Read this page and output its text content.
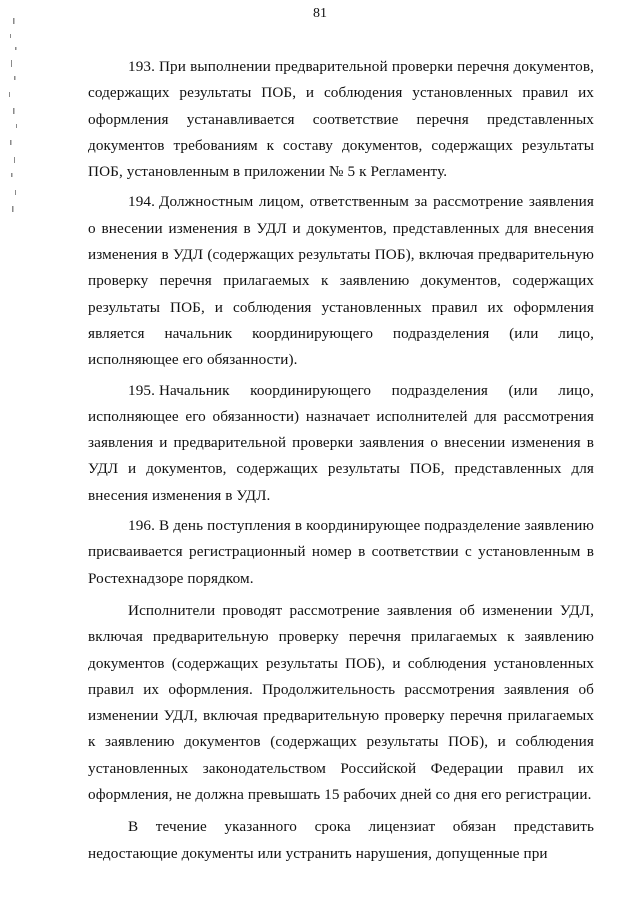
81

193. При выполнении предварительной проверки перечня документов, содержащих результаты ПОБ, и соблюдения установленных правил их оформления устанавливается соответствие перечня представленных документов требованиям к составу документов, содержащих результаты ПОБ, установленным в приложении № 5 к Регламенту.

194. Должностным лицом, ответственным за рассмотрение заявления о внесении изменения в УДЛ и документов, представленных для внесения изменения в УДЛ (содержащих результаты ПОБ), включая предварительную проверку перечня прилагаемых к заявлению документов, содержащих результаты ПОБ, и соблюдения установленных правил их оформления является начальник координирующего подразделения (или лицо, исполняющее его обязанности).

195. Начальник координирующего подразделения (или лицо, исполняющее его обязанности) назначает исполнителей для рассмотрения заявления и предварительной проверки заявления о внесении изменения в УДЛ и документов, содержащих результаты ПОБ, представленных для внесения изменения в УДЛ.

196. В день поступления в координирующее подразделение заявлению присваивается регистрационный номер в соответствии с установленным в Ростехнадзоре порядком.

Исполнители проводят рассмотрение заявления об изменении УДЛ, включая предварительную проверку перечня прилагаемых к заявлению документов (содержащих результаты ПОБ), и соблюдения установленных правил их оформления. Продолжительность рассмотрения заявления об изменении УДЛ, включая предварительную проверку перечня прилагаемых к заявлению документов (содержащих результаты ПОБ), и соблюдения установленных законодательством Российской Федерации правил их оформления, не должна превышать 15 рабочих дней со дня его регистрации.

В течение указанного срока лицензиат обязан представить недостающие документы или устранить нарушения, допущенные при
